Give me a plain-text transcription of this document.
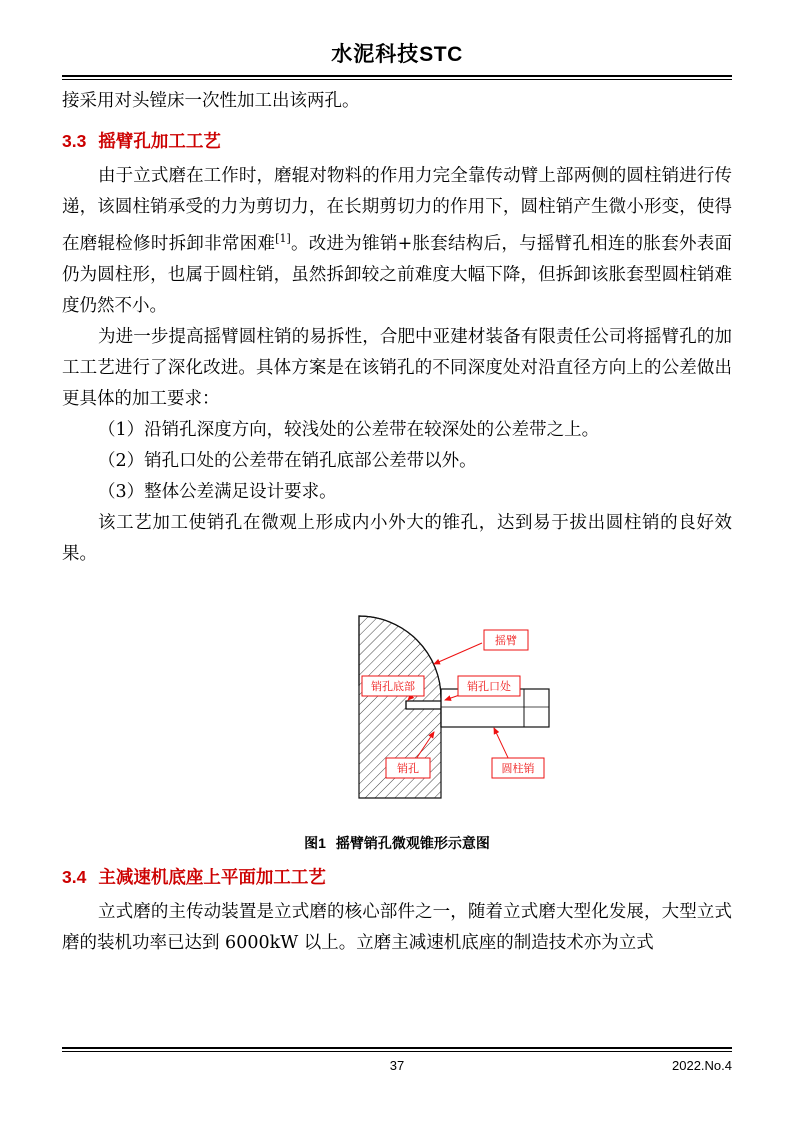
水泥科技STC

接采用对头镗床一次性加工出该两孔。

3.3 摇臂孔加工工艺

由于立式磨在工作时，磨辊对物料的作用力完全靠传动臂上部两侧的圆柱销进行传递，该圆柱销承受的力为剪切力，在长期剪切力的作用下，圆柱销产生微小形变，使得在磨辊检修时拆卸非常困难[1]。改进为锥销+胀套结构后，与摇臂孔相连的胀套外表面仍为圆柱形，也属于圆柱销，虽然拆卸较之前难度大幅下降，但拆卸该胀套型圆柱销难度仍然不小。

为进一步提高摇臂圆柱销的易拆性，合肥中亚建材装备有限责任公司将摇臂孔的加工工艺进行了深化改进。具体方案是在该销孔的不同深度处对沿直径方向上的公差做出更具体的加工要求：

（1）沿销孔深度方向，较浅处的公差带在较深处的公差带之上。

（2）销孔口处的公差带在销孔底部公差带以外。

（3）整体公差满足设计要求。

该工艺加工使销孔在微观上形成内小外大的锥孔，达到易于拔出圆柱销的良好效果。

摇臂
销孔底部	销孔口处
销孔	圆柱销
图1 摇臂销孔微观锥形示意图
3.4 主减速机底座上平面加工工艺

立式磨的主传动装置是立式磨的核心部件之一，随着立式磨大型化发展，大型立式磨的装机功率已达到 6000kW 以上。立磨主减速机底座的制造技术亦为立式

37	2022.No.4
